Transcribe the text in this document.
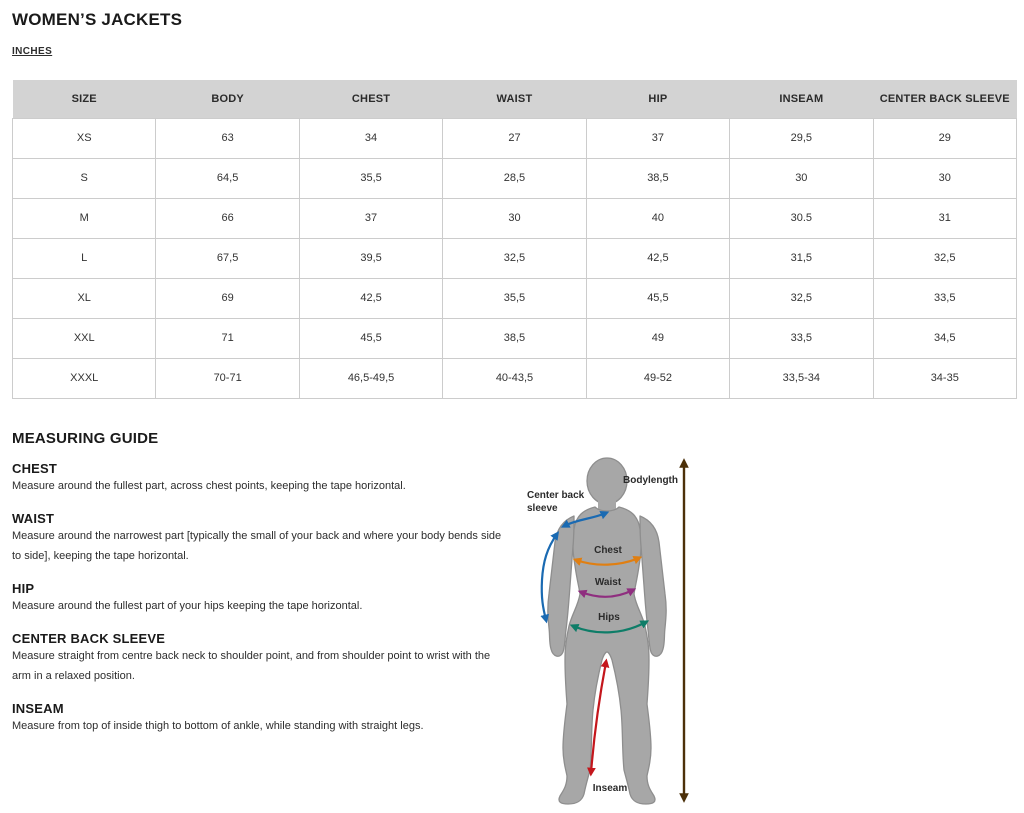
WOMEN’S JACKETS
INCHES
SIZE	BODY	CHEST	WAIST	HIP	INSEAM	CENTER BACK SLEEVE
XS	63	34	27	37	29,5	29
S	64,5	35,5	28,5	38,5	30	30
M	66	37	30	40	30.5	31
L	67,5	39,5	32,5	42,5	31,5	32,5
XL	69	42,5	35,5	45,5	32,5	33,5
XXL	71	45,5	38,5	49	33,5	34,5
XXXL	70-71	46,5-49,5	40-43,5	49-52	33,5-34	34-35
MEASURING GUIDE
CHEST

Measure around the fullest part, across chest points, keeping the tape horizontal.

WAIST

Measure around the narrowest part [typically the small of your back and where your body bends side to side], keeping the tape horizontal.

HIP

Measure around the fullest part of your hips keeping the tape horizontal.

CENTER BACK SLEEVE

Measure straight from centre back neck to shoulder point, and from shoulder point to wrist with the arm in a relaxed position.

INSEAM

Measure from top of inside thigh to bottom of ankle, while standing with straight legs.

Bodylength
Center back
sleeve
Chest
Waist
Hips
Inseam
